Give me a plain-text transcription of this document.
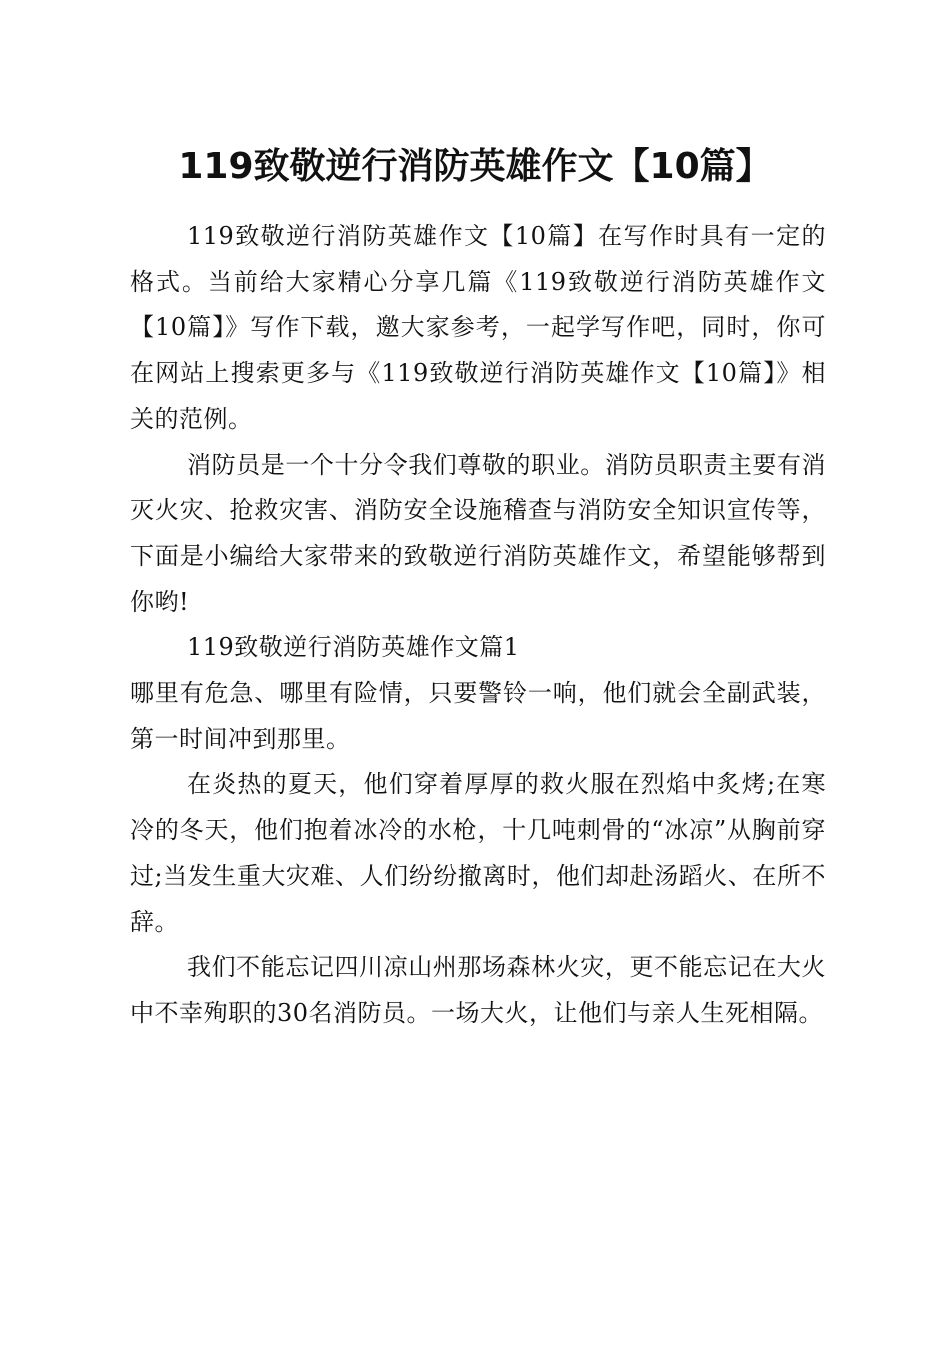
119致敬逆行消防英雄作文【10篇】

119致敬逆行消防英雄作文【10篇】在写作时具有一定的格式。当前给大家精心分享几篇《119致敬逆行消防英雄作文【10篇】》写作下载，邀大家参考，一起学写作吧，同时，你可在网站上搜索更多与《119致敬逆行消防英雄作文【10篇】》相关的范例。

消防员是一个十分令我们尊敬的职业。消防员职责主要有消灭火灾、抢救灾害、消防安全设施稽查与消防安全知识宣传等，下面是小编给大家带来的致敬逆行消防英雄作文，希望能够帮到你哟!

119致敬逆行消防英雄作文篇1

哪里有危急、哪里有险情，只要警铃一响，他们就会全副武装，第一时间冲到那里。

在炎热的夏天，他们穿着厚厚的救火服在烈焰中炙烤;在寒冷的冬天，他们抱着冰冷的水枪，十几吨刺骨的“冰凉”从胸前穿过;当发生重大灾难、人们纷纷撤离时，他们却赴汤蹈火、在所不辞。

我们不能忘记四川凉山州那场森林火灾，更不能忘记在大火中不幸殉职的30名消防员。一场大火，让他们与亲人生死相隔。
